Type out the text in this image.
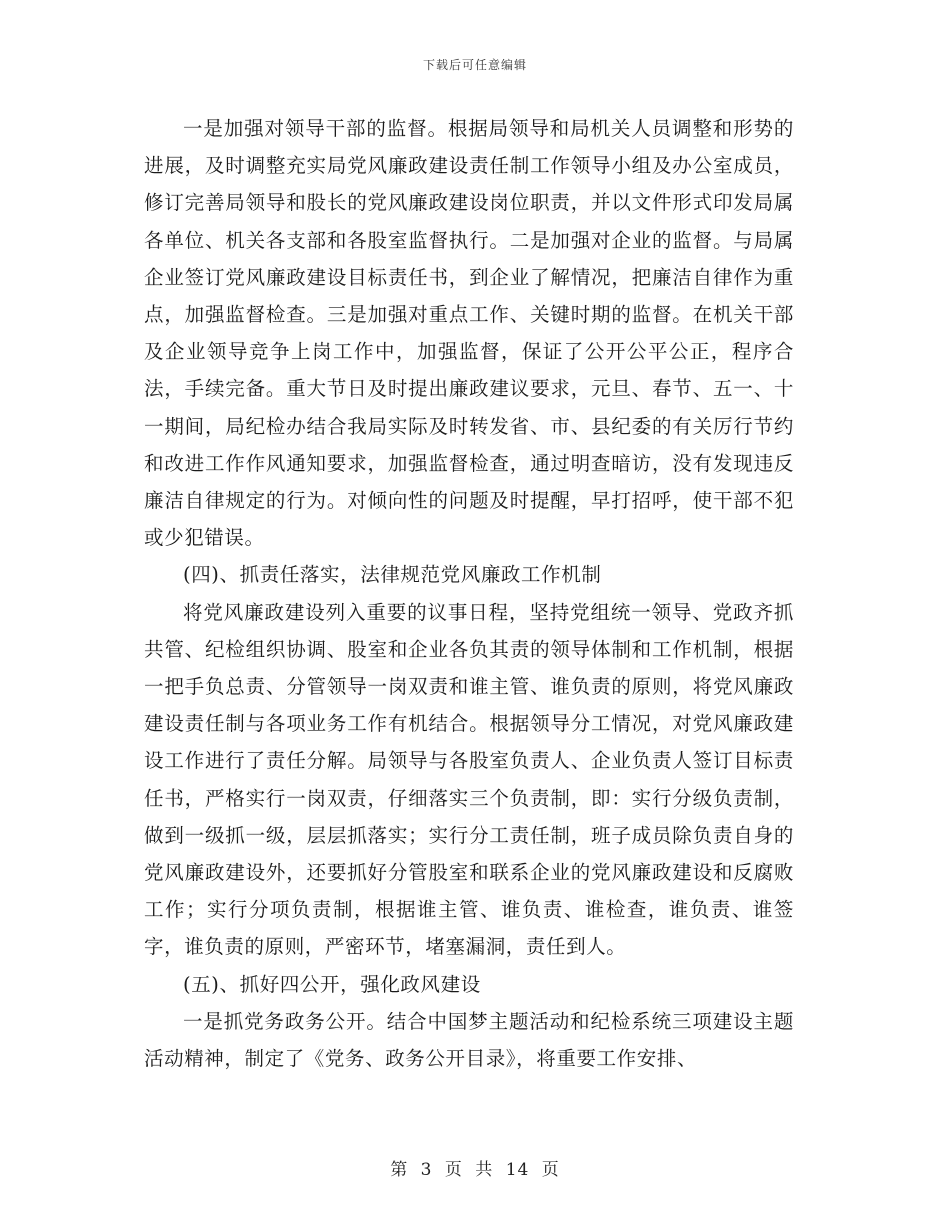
下载后可任意编辑

一是加强对领导干部的监督。根据局领导和局机关人员调整和形势的进展，及时调整充实局党风廉政建设责任制工作领导小组及办公室成员，修订完善局领导和股长的党风廉政建设岗位职责，并以文件形式印发局属各单位、机关各支部和各股室监督执行。二是加强对企业的监督。与局属企业签订党风廉政建设目标责任书，到企业了解情况，把廉洁自律作为重点，加强监督检查。三是加强对重点工作、关键时期的监督。在机关干部及企业领导竞争上岗工作中，加强监督，保证了公开公平公正，程序合法，手续完备。重大节日及时提出廉政建议要求，元旦、春节、五一、十一期间，局纪检办结合我局实际及时转发省、市、县纪委的有关厉行节约和改进工作作风通知要求，加强监督检查，通过明查暗访，没有发现违反廉洁自律规定的行为。对倾向性的问题及时提醒，早打招呼，使干部不犯或少犯错误。

(四)、抓责任落实，法律规范党风廉政工作机制

将党风廉政建设列入重要的议事日程，坚持党组统一领导、党政齐抓共管、纪检组织协调、股室和企业各负其责的领导体制和工作机制，根据一把手负总责、分管领导一岗双责和谁主管、谁负责的原则，将党风廉政建设责任制与各项业务工作有机结合。根据领导分工情况，对党风廉政建设工作进行了责任分解。局领导与各股室负责人、企业负责人签订目标责任书，严格实行一岗双责，仔细落实三个负责制，即：实行分级负责制，做到一级抓一级，层层抓落实；实行分工责任制，班子成员除负责自身的党风廉政建设外，还要抓好分管股室和联系企业的党风廉政建设和反腐败工作；实行分项负责制，根据谁主管、谁负责、谁检查，谁负责、谁签字，谁负责的原则，严密环节，堵塞漏洞，责任到人。

(五)、抓好四公开，强化政风建设

一是抓党务政务公开。结合中国梦主题活动和纪检系统三项建设主题活动精神，制定了《党务、政务公开目录》，将重要工作安排、

第 3 页 共 14 页
